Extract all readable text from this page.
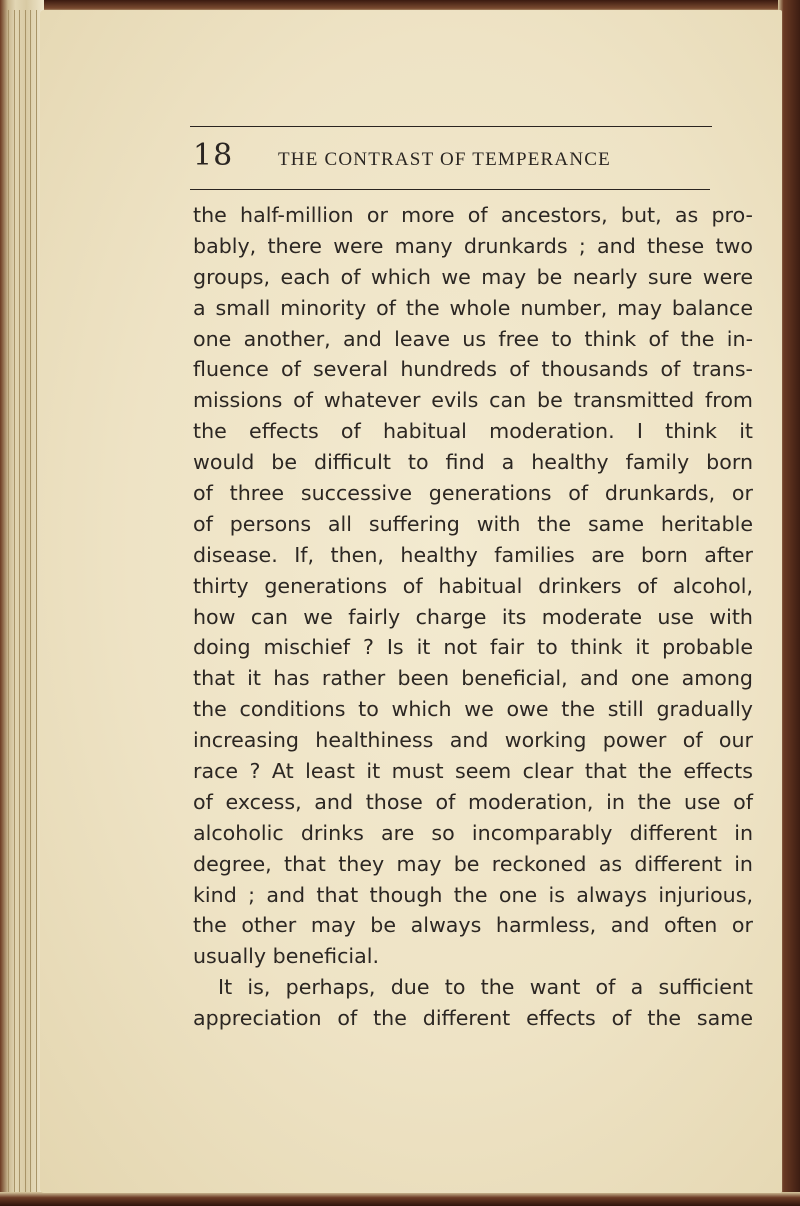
18 THE CONTRAST OF TEMPERANCE
the half-million or more of ancestors, but, as pro-
bably, there were many drunkards ; and these two
groups, each of which we may be nearly sure were
a small minority of the whole number, may balance
one another, and leave us free to think of the in-
fluence of several hundreds of thousands of trans-
missions of whatever evils can be transmitted from
the effects of habitual moderation. I think it
would be difficult to find a healthy family born
of three successive generations of drunkards, or
of persons all suffering with the same heritable
disease. If, then, healthy families are born after
thirty generations of habitual drinkers of alcohol,
how can we fairly charge its moderate use with
doing mischief ? Is it not fair to think it probable
that it has rather been beneficial, and one among
the conditions to which we owe the still gradually
increasing healthiness and working power of our
race ? At least it must seem clear that the effects
of excess, and those of moderation, in the use of
alcoholic drinks are so incomparably different in
degree, that they may be reckoned as different in
kind ; and that though the one is always injurious,
the other may be always harmless, and often or
usually beneficial.
It is, perhaps, due to the want of a sufficient
appreciation of the different effects of the same
